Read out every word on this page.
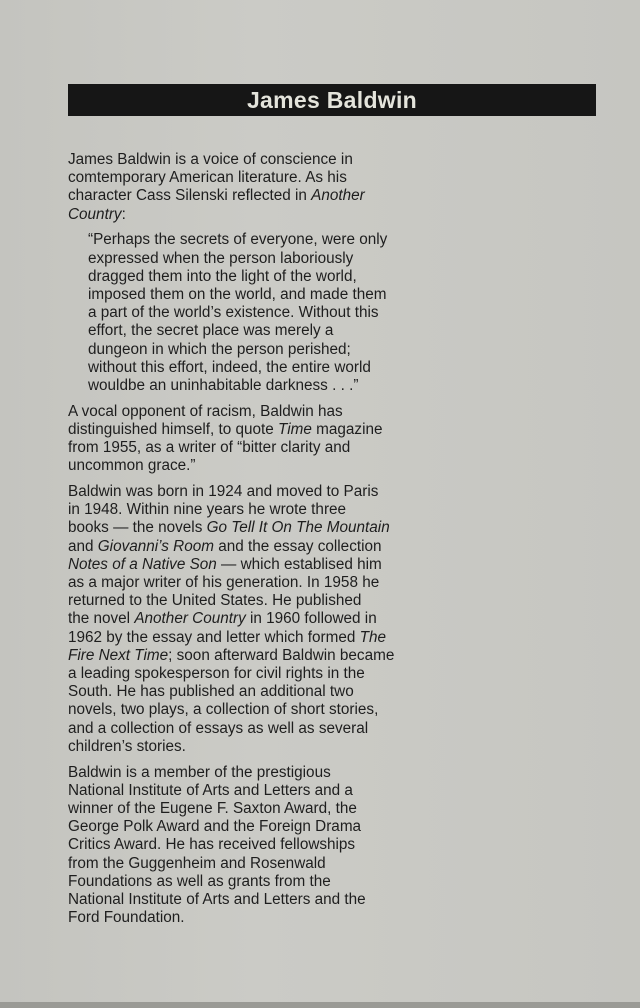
James Baldwin
James Baldwin is a voice of conscience in
comtemporary American literature. As his
character Cass Silenski reflected in Another
Country:
“Perhaps the secrets of everyone, were only
expressed when the person laboriously
dragged them into the light of the world,
imposed them on the world, and made them
a part of the world’s existence. Without this
effort, the secret place was merely a
dungeon in which the person perished;
without this effort, indeed, the entire world
wouldbe an uninhabitable darkness . . .”
A vocal opponent of racism, Baldwin has
distinguished himself, to quote Time magazine
from 1955, as a writer of “bitter clarity and
uncommon grace.”
Baldwin was born in 1924 and moved to Paris
in 1948. Within nine years he wrote three
books — the novels Go Tell It On The Mountain
and Giovanni’s Room and the essay collection
Notes of a Native Son — which establised him
as a major writer of his generation. In 1958 he
returned to the United States. He published
the novel Another Country in 1960 followed in
1962 by the essay and letter which formed The
Fire Next Time; soon afterward Baldwin became
a leading spokesperson for civil rights in the
South. He has published an additional two
novels, two plays, a collection of short stories,
and a collection of essays as well as several
children’s stories.
Baldwin is a member of the prestigious
National Institute of Arts and Letters and a
winner of the Eugene F. Saxton Award, the
George Polk Award and the Foreign Drama
Critics Award. He has received fellowships
from the Guggenheim and Rosenwald
Foundations as well as grants from the
National Institute of Arts and Letters and the
Ford Foundation.
